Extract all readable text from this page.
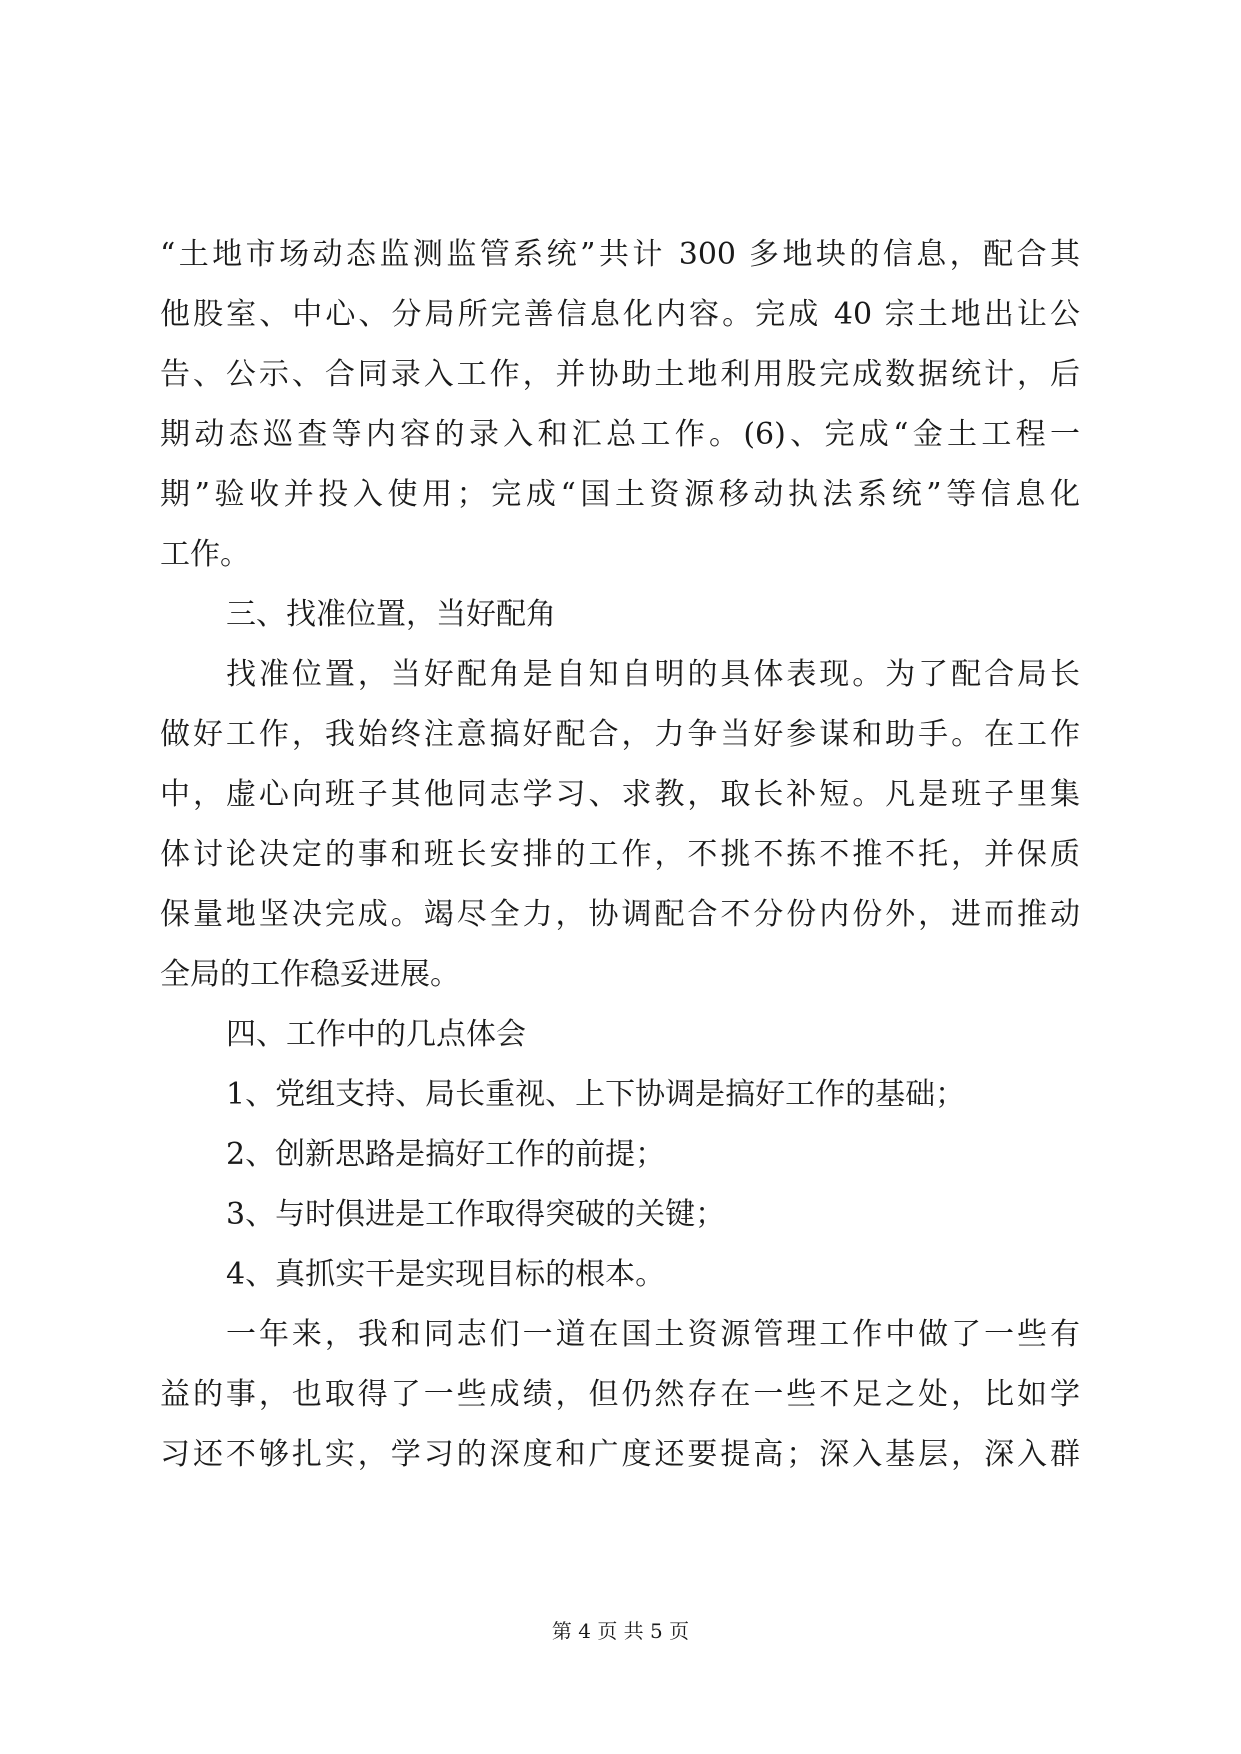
“土地市场动态监测监管系统”共计 300 多地块的信息，配合其
他股室、中心、分局所完善信息化内容。完成 40 宗土地出让公
告、公示、合同录入工作，并协助土地利用股完成数据统计，后
期动态巡查等内容的录入和汇总工作。(6)、完成“金土工程一
期”验收并投入使用；完成“国土资源移动执法系统”等信息化
工作。
三、找准位置，当好配角
找准位置，当好配角是自知自明的具体表现。为了配合局长
做好工作，我始终注意搞好配合，力争当好参谋和助手。在工作
中，虚心向班子其他同志学习、求教，取长补短。凡是班子里集
体讨论决定的事和班长安排的工作，不挑不拣不推不托，并保质
保量地坚决完成。竭尽全力，协调配合不分份内份外，进而推动
全局的工作稳妥进展。
四、工作中的几点体会
1、党组支持、局长重视、上下协调是搞好工作的基础；
2、创新思路是搞好工作的前提；
3、与时俱进是工作取得突破的关键；
4、真抓实干是实现目标的根本。
一年来，我和同志们一道在国土资源管理工作中做了一些有
益的事，也取得了一些成绩，但仍然存在一些不足之处，比如学
习还不够扎实，学习的深度和广度还要提高；深入基层，深入群
第 4 页 共 5 页
